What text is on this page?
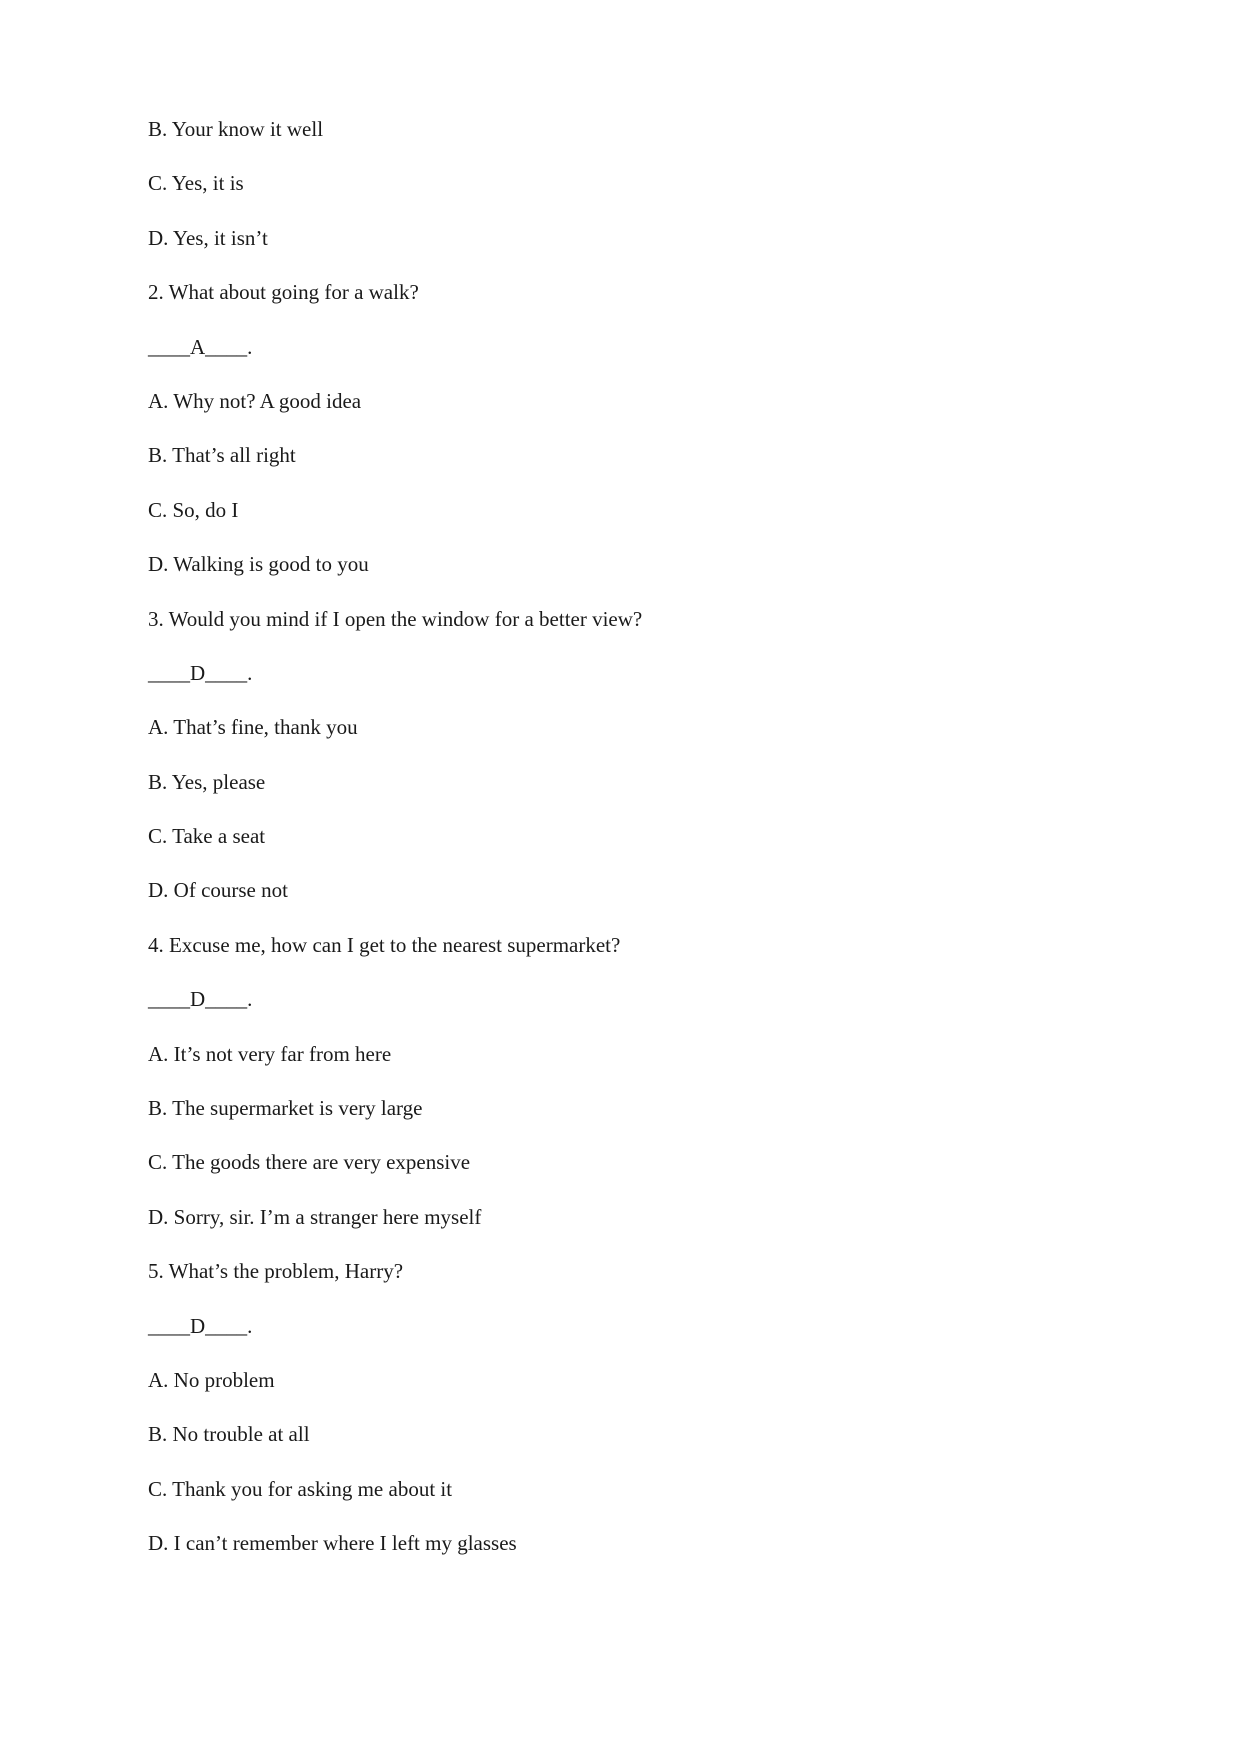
B. Your know it well
C. Yes, it is
D. Yes, it isn’t
2. What about going for a walk?
____A____.
A. Why not? A good idea
B. That’s all right
C. So, do I
D. Walking is good to you
3. Would you mind if I open the window for a better view?
____D____.
A. That’s fine, thank you
B. Yes, please
C. Take a seat
D. Of course not
4. Excuse me, how can I get to the nearest supermarket?
____D____.
A. It’s not very far from here
B. The supermarket is very large
C. The goods there are very expensive
D. Sorry, sir. I’m a stranger here myself
5. What’s the problem, Harry?
____D____.
A. No problem
B. No trouble at all
C. Thank you for asking me about it
D. I can’t remember where I left my glasses
